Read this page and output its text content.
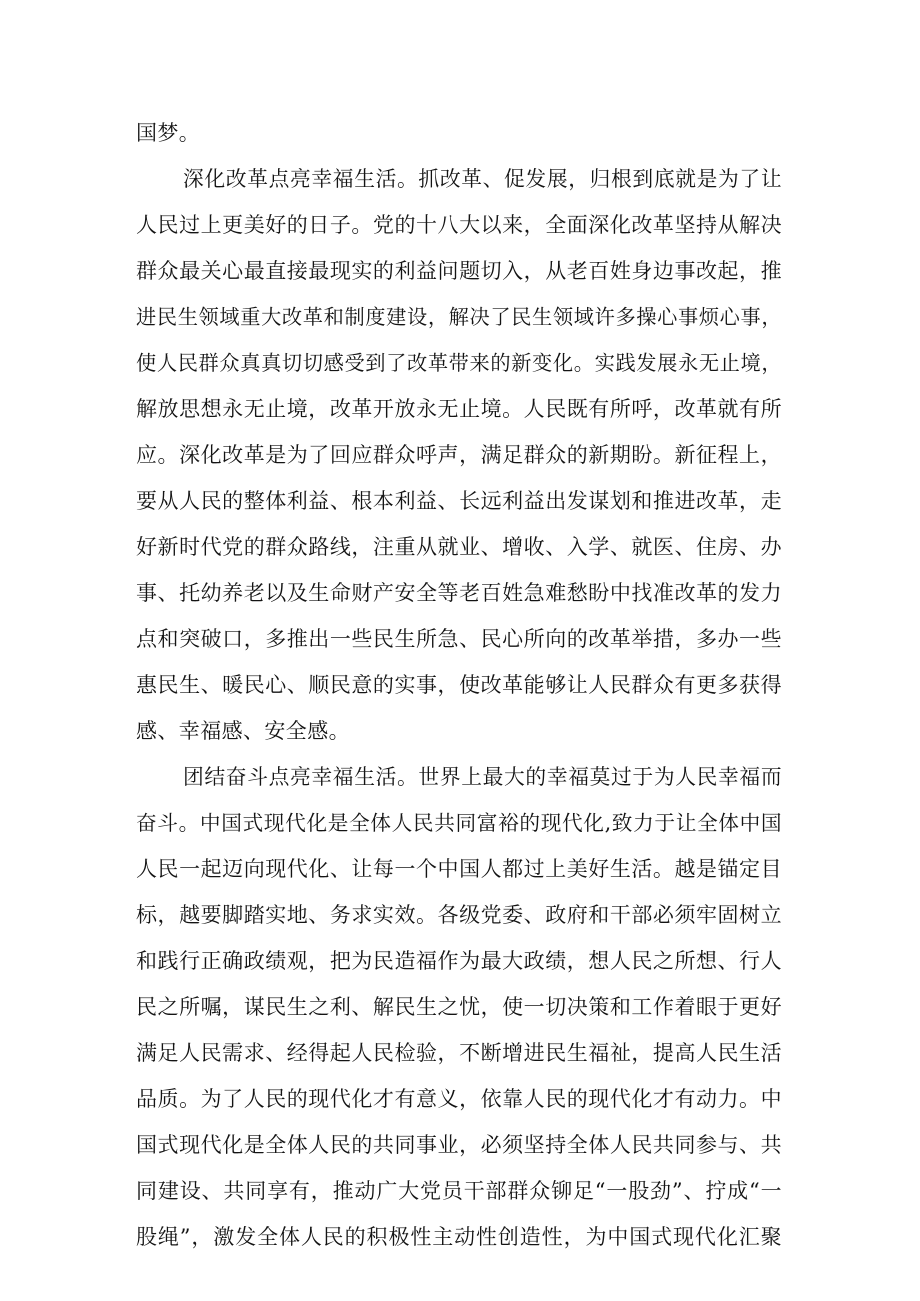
国梦。
深化改革点亮幸福生活。抓改革、促发展，归根到底就是为了让
人民过上更美好的日子。党的十八大以来，全面深化改革坚持从解决
群众最关心最直接最现实的利益问题切入，从老百姓身边事改起，推
进民生领域重大改革和制度建设，解决了民生领域许多操心事烦心事，
使人民群众真真切切感受到了改革带来的新变化。实践发展永无止境，
解放思想永无止境，改革开放永无止境。人民既有所呼，改革就有所
应。深化改革是为了回应群众呼声，满足群众的新期盼。新征程上，
要从人民的整体利益、根本利益、长远利益出发谋划和推进改革，走
好新时代党的群众路线，注重从就业、增收、入学、就医、住房、办
事、托幼养老以及生命财产安全等老百姓急难愁盼中找准改革的发力
点和突破口，多推出一些民生所急、民心所向的改革举措，多办一些
惠民生、暖民心、顺民意的实事，使改革能够让人民群众有更多获得
感、幸福感、安全感。
团结奋斗点亮幸福生活。世界上最大的幸福莫过于为人民幸福而
奋斗。中国式现代化是全体人民共同富裕的现代化,致力于让全体中国
人民一起迈向现代化、让每一个中国人都过上美好生活。越是锚定目
标，越要脚踏实地、务求实效。各级党委、政府和干部必须牢固树立
和践行正确政绩观，把为民造福作为最大政绩，想人民之所想、行人
民之所嘱，谋民生之利、解民生之忧，使一切决策和工作着眼于更好
满足人民需求、经得起人民检验，不断增进民生福祉，提高人民生活
品质。为了人民的现代化才有意义，依靠人民的现代化才有动力。中
国式现代化是全体人民的共同事业，必须坚持全体人民共同参与、共
同建设、共同享有，推动广大党员干部群众铆足“一股劲”、拧成“一
股绳”，激发全体人民的积极性主动性创造性，为中国式现代化汇聚
